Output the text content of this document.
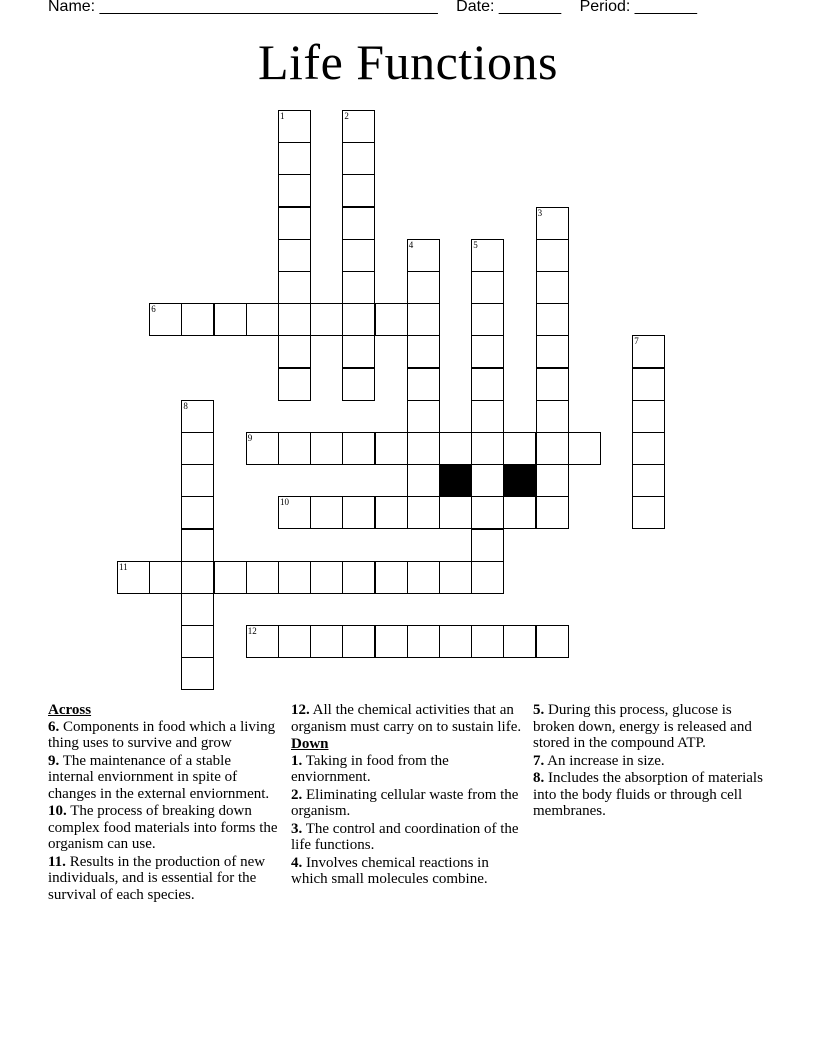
Name: ______________________________________ Date: _______ Period: _______
Life Functions
1	2
3
4	5
6
7
8
9
10
11
12
Across
6. Components in food which a living thing uses to survive and grow
9. The maintenance of a stable internal enviornment in spite of changes in the external enviornment.
10. The process of breaking down complex food materials into forms the organism can use.
11. Results in the production of new individuals, and is essential for the survival of each species.
12. All the chemical activities that an organism must carry on to sustain life.
Down
1. Taking in food from the enviornment.
2. Eliminating cellular waste from the organism.
3. The control and coordination of the life functions.
4. Involves chemical reactions in which small molecules combine.
5. During this process, glucose is broken down, energy is released and stored in the compound ATP.
7. An increase in size.
8. Includes the absorption of materials into the body fluids or through cell membranes.
